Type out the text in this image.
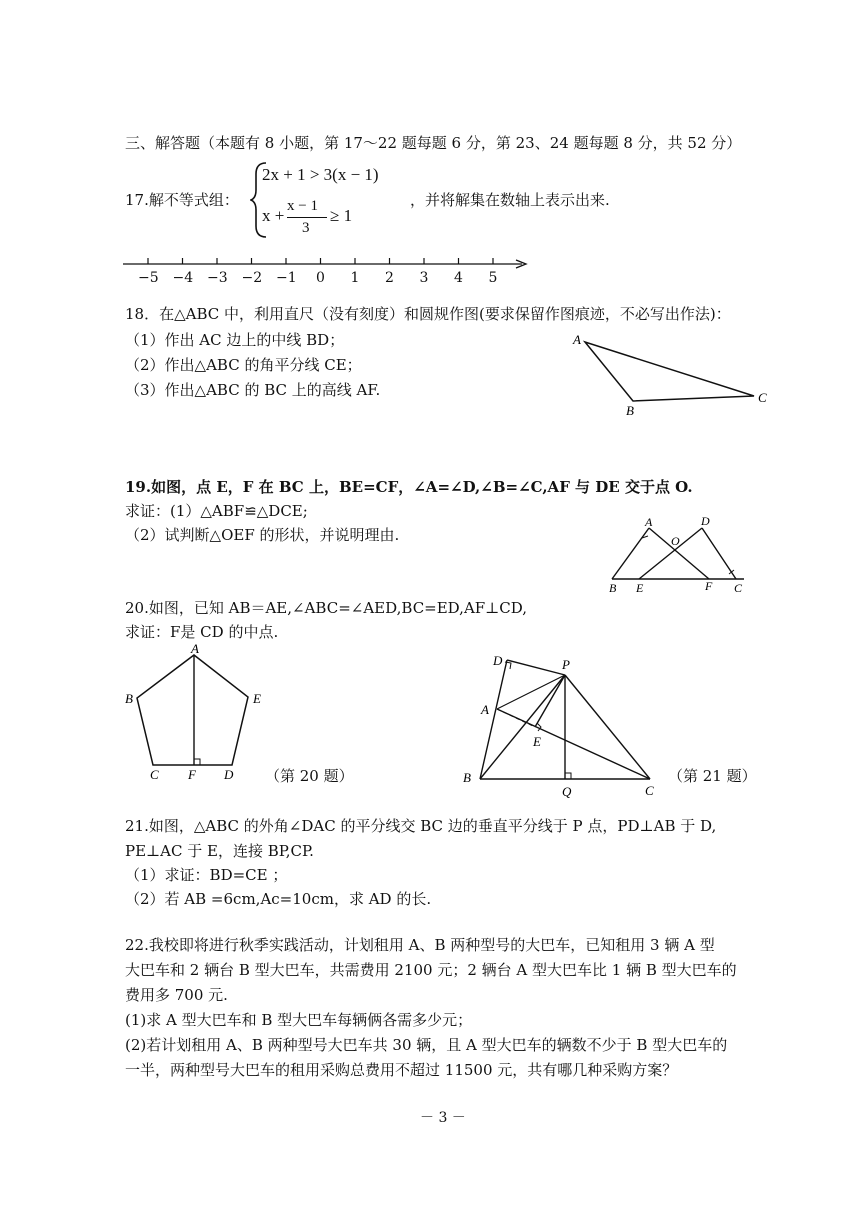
三、解答题（本题有 8 小题，第 17～22 题每题 6 分，第 23、24 题每题 8 分，共 52 分）
17.解不等式组：
2x + 1 > 3(x − 1)
x + x − 1
3
≥ 1
，并将解集在数轴上表示出来.
−5 −4 −3 −2 −1	0	1	2	3	4	5
18．在△ABC 中，利用直尺（没有刻度）和圆规作图(要求保留作图痕迹，不必写出作法)：
（1）作出 AC 边上的中线 BD；
（2）作出△ABC 的角平分线 CE；
（3）作出△ABC 的 BC 上的高线 AF.
A
B
C
19.如图，点 E，F 在 BC 上，BE=CF，∠A=∠D,∠B=∠C,AF 与 DE 交于点 O.
求证：(1）△ABF≌△DCE;
（2）试判断△OEF 的形状，并说明理由.
A	D
O
B E	F C
20.如图，已知 AB＝AE,∠ABC=∠AED,BC=ED,AF⊥CD,
求证：F是 CD 的中点.
A
B	E
C F D （第 20 题）
D	P
A
E
B
Q	C
（第 21 题）
21.如图，△ABC 的外角∠DAC 的平分线交 BC 边的垂直平分线于 P 点，PD⊥AB 于 D,
PE⊥AC 于 E，连接 BP,CP.
（1）求证：BD=CE ；
（2）若 AB =6cm,Ac=10cm，求 AD 的长.
22.我校即将进行秋季实践活动，计划租用 A、B 两种型号的大巴车，已知租用 3 辆 A 型
大巴车和 2 辆台 B 型大巴车，共需费用 2100 元；2 辆台 A 型大巴车比 1 辆 B 型大巴车的
费用多 700 元.
(1)求 A 型大巴车和 B 型大巴车每辆俩各需多少元；
(2)若计划租用 A、B 两种型号大巴车共 30 辆，且 A 型大巴车的辆数不少于 B 型大巴车的
一半，两种型号大巴车的租用采购总费用不超过 11500 元，共有哪几种采购方案？
－ 3 －
